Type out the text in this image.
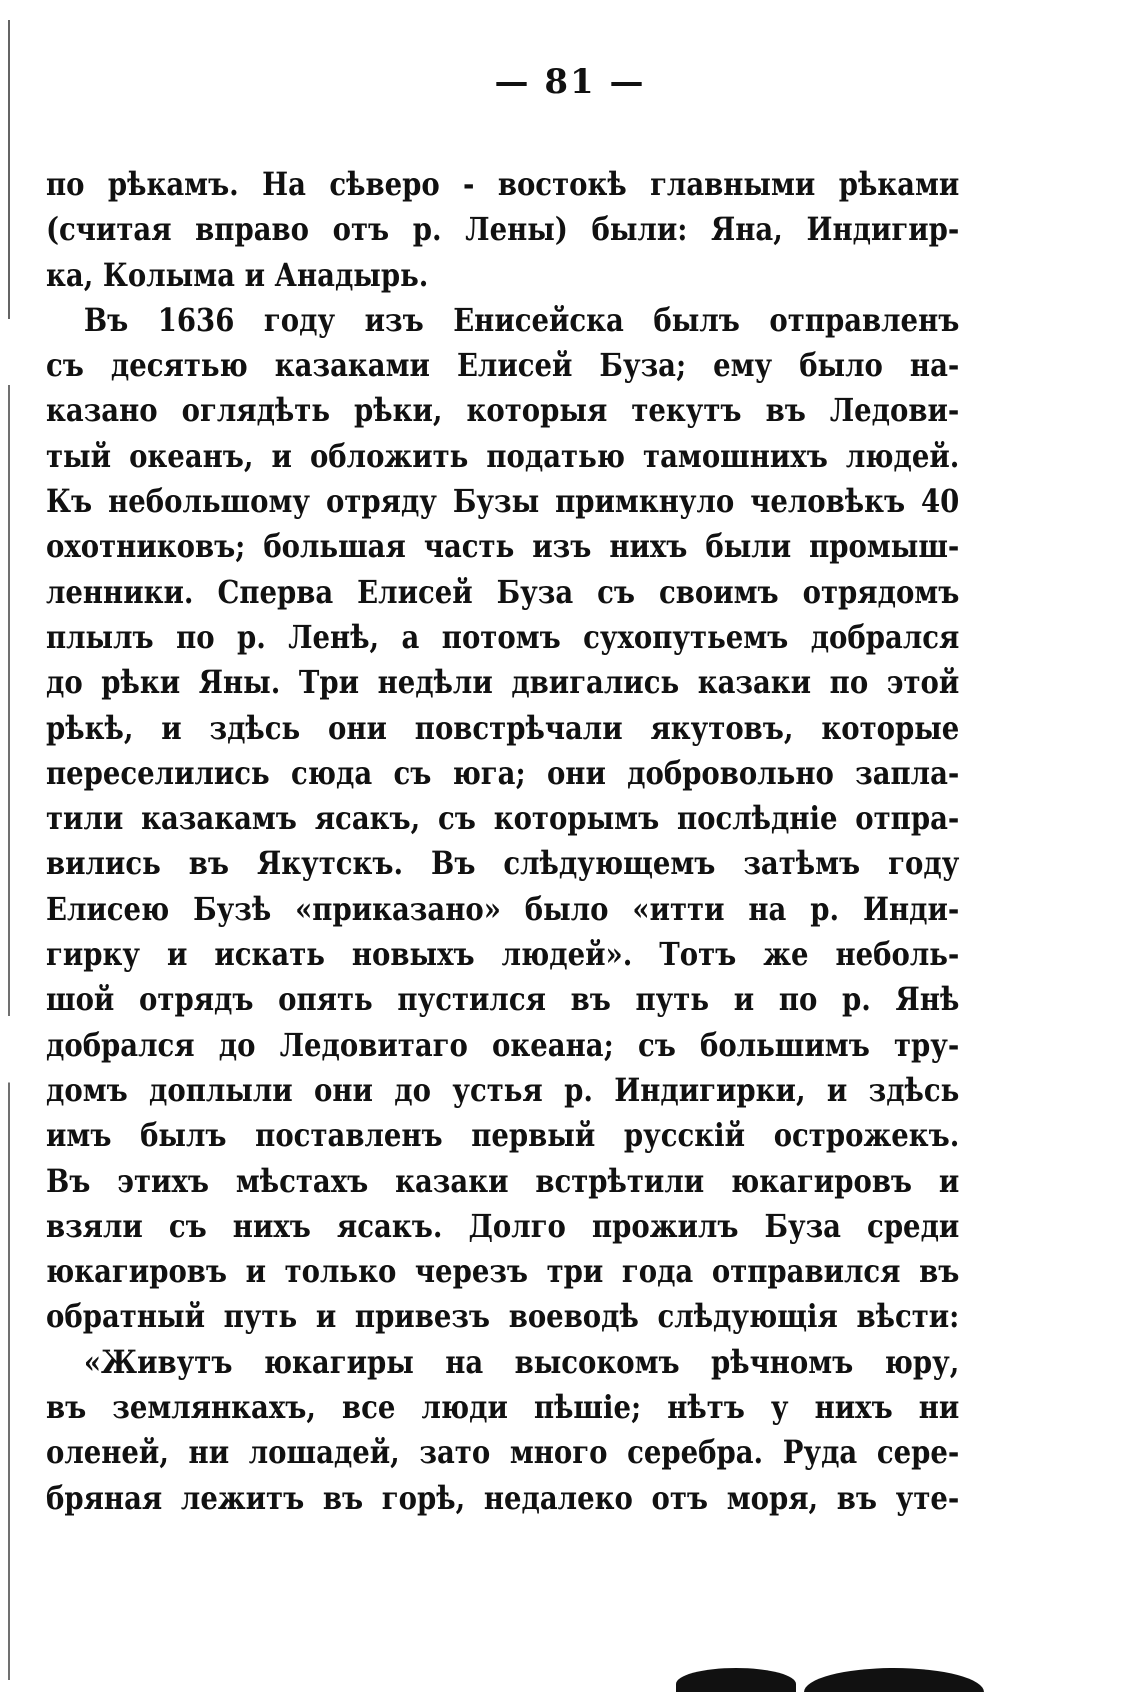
— 81 —
по рѣкамъ. На сѣверо - востокѣ главными рѣками
(считая вправо отъ р. Лены) были: Яна, Индигир-
ка, Колыма и Анадырь.
Въ 1636 году изъ Енисейска былъ отправленъ
съ десятью казаками Елисей Буза; ему было на-
казано оглядѣть рѣки, которыя текутъ въ Ледови-
тый океанъ, и обложить податью тамошнихъ людей.
Къ небольшому отряду Бузы примкнуло человѣкъ 40
охотниковъ; большая часть изъ нихъ были промыш-
ленники. Сперва Елисей Буза съ своимъ отрядомъ
плылъ по р. Ленѣ, а потомъ сухопутьемъ добрался
до рѣки Яны. Три недѣли двигались казаки по этой
рѣкѣ, и здѣсь они повстрѣчали якутовъ, которые
переселились сюда съ юга; они добровольно запла-
тили казакамъ ясакъ, съ которымъ послѣдніе отпра-
вились въ Якутскъ. Въ слѣдующемъ затѣмъ году
Елисею Бузѣ «приказано» было «итти на р. Инди-
гирку и искать новыхъ людей». Тотъ же неболь-
шой отрядъ опять пустился въ путь и по р. Янѣ
добрался до Ледовитаго океана; съ большимъ тру-
домъ доплыли они до устья р. Индигирки, и здѣсь
имъ былъ поставленъ первый русскій острожекъ.
Въ этихъ мѣстахъ казаки встрѣтили юкагировъ и
взяли съ нихъ ясакъ. Долго прожилъ Буза среди
юкагировъ и только черезъ три года отправился въ
обратный путь и привезъ воеводѣ слѣдующія вѣсти:
«Живутъ юкагиры на высокомъ рѣчномъ юру,
въ землянкахъ, все люди пѣшіе; нѣтъ у нихъ ни
оленей, ни лошадей, зато много серебра. Руда сере-
бряная лежитъ въ горѣ, недалеко отъ моря, въ уте-
